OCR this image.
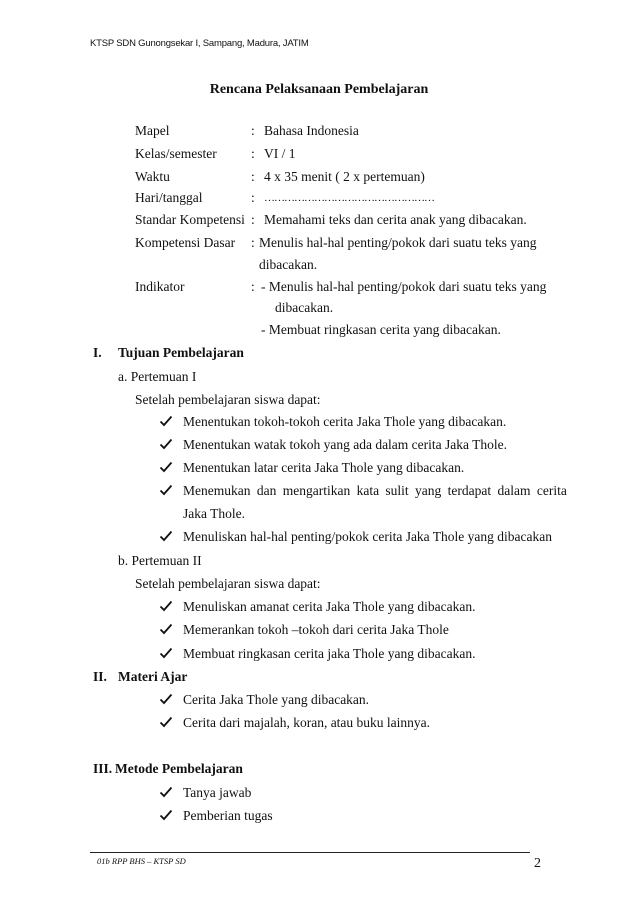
KTSP SDN Gunongsekar I, Sampang, Madura, JATIM
Rencana Pelaksanaan Pembelajaran
Mapel	: Bahasa Indonesia
Kelas/semester	: VI / 1
Waktu	: 4 x 35 menit ( 2 x pertemuan)
Hari/tanggal	: ……………………………………………
Standar Kompetensi : Memahami teks dan cerita anak yang dibacakan.
Kompetensi Dasar : Menulis hal-hal penting/pokok dari suatu teks yang
dibacakan.
Indikator	: - Menulis hal-hal penting/pokok dari suatu teks yang
dibacakan.
- Membuat ringkasan cerita yang dibacakan.
I. Tujuan Pembelajaran
a. Pertemuan I
Setelah pembelajaran siswa dapat:
Menentukan tokoh-tokoh cerita Jaka Thole yang dibacakan.
Menentukan watak tokoh yang ada dalam cerita Jaka Thole.
Menentukan latar cerita Jaka Thole yang dibacakan.
Menemukan dan mengartikan kata sulit yang terdapat dalam cerita
Jaka Thole.
Menuliskan hal-hal penting/pokok cerita Jaka Thole yang dibacakan
b. Pertemuan II
Setelah pembelajaran siswa dapat:
Menuliskan amanat cerita Jaka Thole yang dibacakan.
Memerankan tokoh –tokoh dari cerita Jaka Thole
Membuat ringkasan cerita jaka Thole yang dibacakan.
II. Materi Ajar
Cerita Jaka Thole yang dibacakan.
Cerita dari majalah, koran, atau buku lainnya.
III. Metode Pembelajaran
Tanya jawab
Pemberian tugas
01b RPP BHS – KTSP SD	2
